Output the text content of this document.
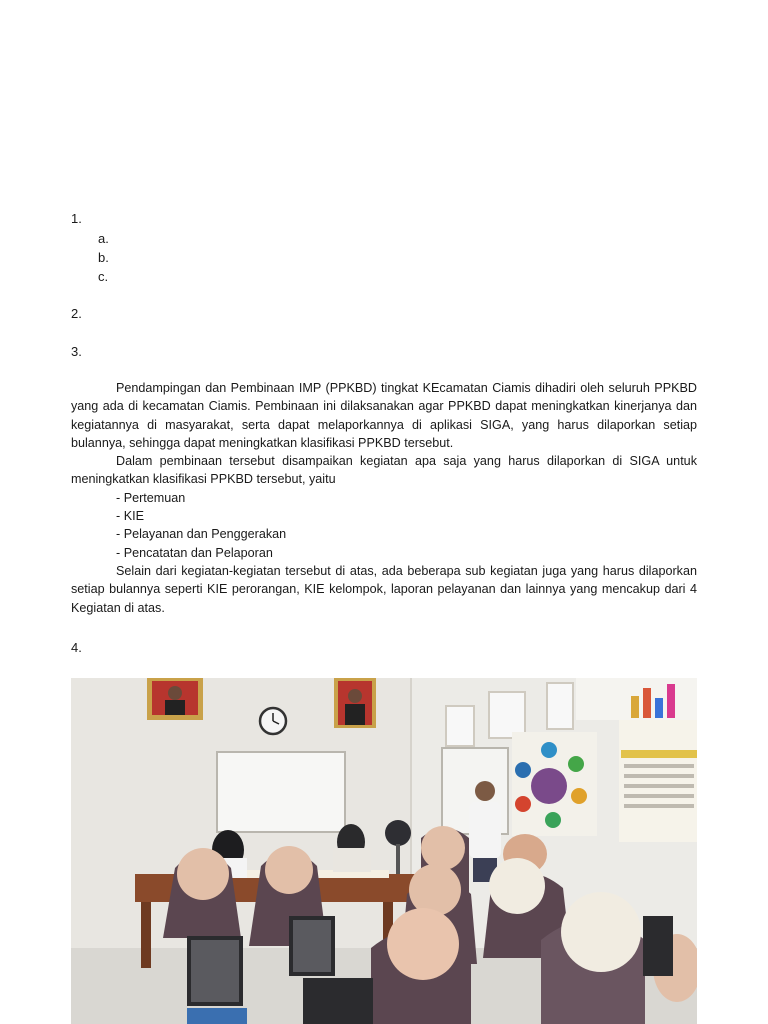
1.
a.
b.
c.
2.
3.

Pendampingan dan Pembinaan IMP (PPKBD) tingkat KEcamatan Ciamis dihadiri oleh seluruh PPKBD yang ada di kecamatan Ciamis. Pembinaan ini dilaksanakan agar PPKBD dapat meningkatkan kinerjanya dan kegiatannya di masyarakat, serta dapat melaporkannya di aplikasi SIGA, yang harus dilaporkan setiap bulannya, sehingga dapat meningkatkan klasifikasi PPKBD tersebut.

Dalam pembinaan tersebut disampaikan kegiatan apa saja yang harus dilaporkan di SIGA untuk meningkatkan klasifikasi PPKBD tersebut, yaitu

- Pertemuan
- KIE
- Pelayanan dan Penggerakan
- Pencatatan dan Pelaporan

Selain dari kegiatan-kegiatan tersebut di atas, ada beberapa sub kegiatan juga yang harus dilaporkan setiap bulannya seperti KIE perorangan, KIE kelompok, laporan pelayanan dan lainnya yang mencakup dari 4 Kegiatan di atas.

4.
